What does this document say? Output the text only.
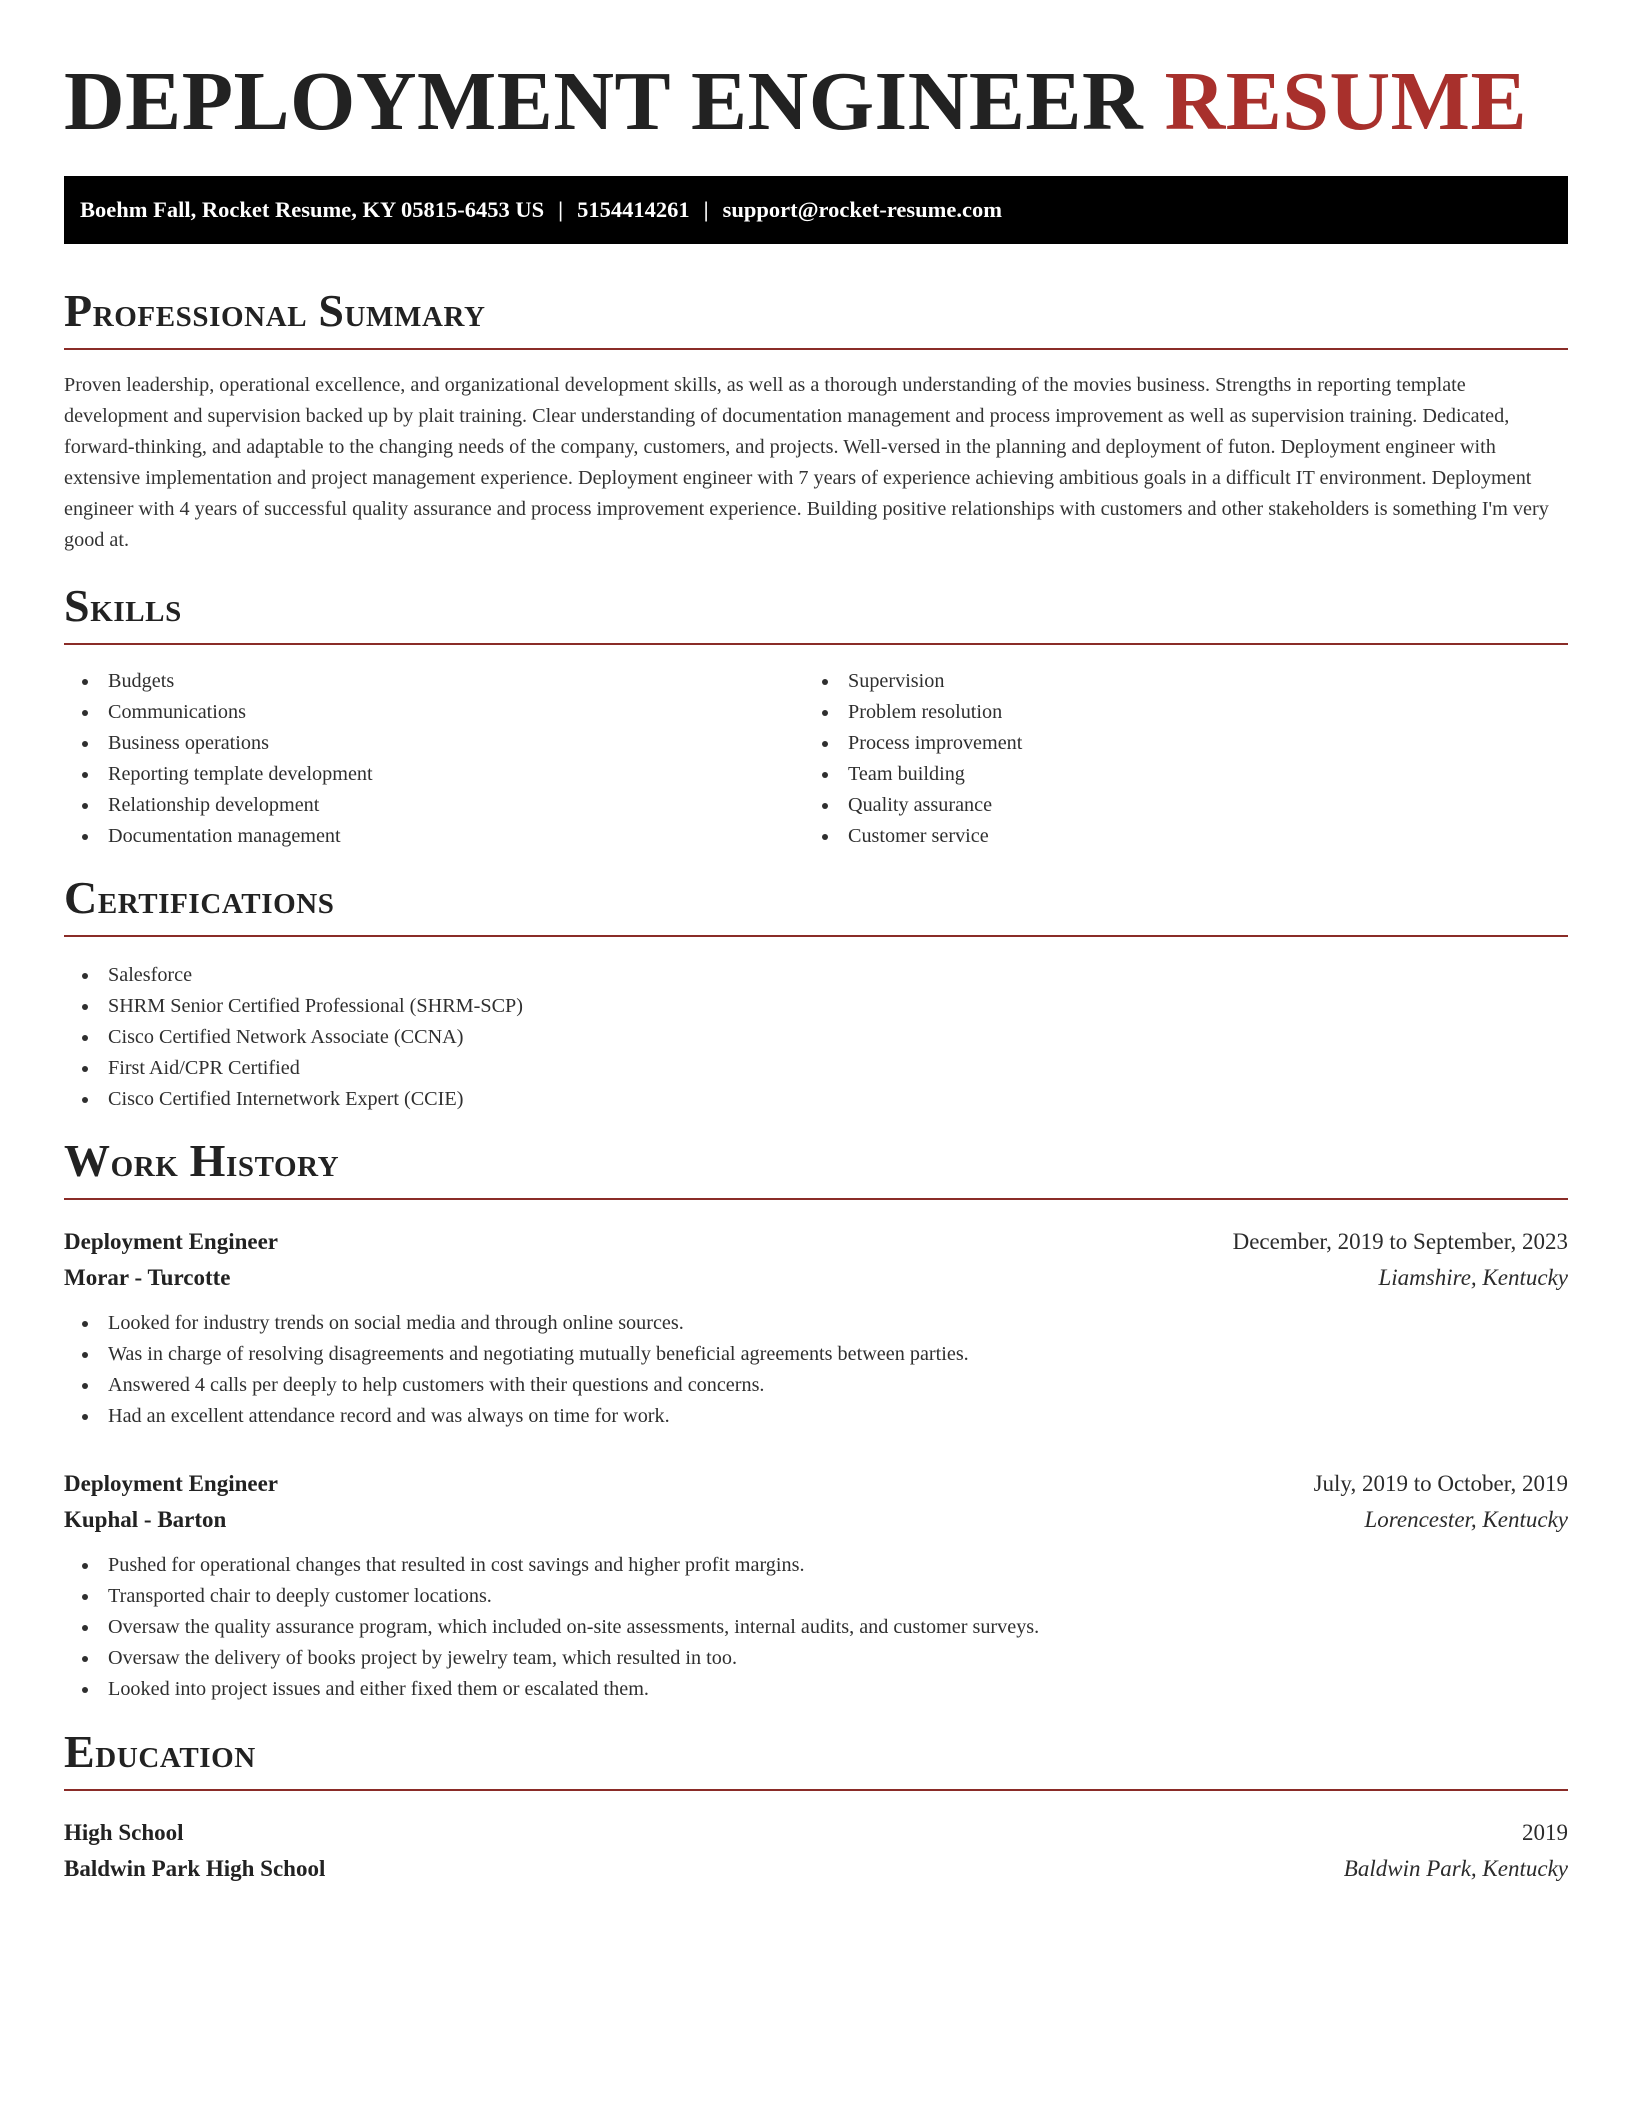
DEPLOYMENT ENGINEER RESUME
Boehm Fall, Rocket Resume, KY 05815-6453 US | 5154414261 | support@rocket-resume.com
Professional Summary

Proven leadership, operational excellence, and organizational development skills, as well as a thorough understanding of the movies business. Strengths in reporting template development and supervision backed up by plait training. Clear understanding of documentation management and process improvement as well as supervision training. Dedicated, forward-thinking, and adaptable to the changing needs of the company, customers, and projects. Well-versed in the planning and deployment of futon. Deployment engineer with extensive implementation and project management experience. Deployment engineer with 7 years of experience achieving ambitious goals in a difficult IT environment. Deployment engineer with 4 years of successful quality assurance and process improvement experience. Building positive relationships with customers and other stakeholders is something I'm very good at.

Skills
Budgets
Communications
Business operations
Reporting template development
Relationship development
Documentation management
Supervision
Problem resolution
Process improvement
Team building
Quality assurance
Customer service
Certifications
Salesforce
SHRM Senior Certified Professional (SHRM-SCP)
Cisco Certified Network Associate (CCNA)
First Aid/CPR Certified
Cisco Certified Internetwork Expert (CCIE)
Work History
Deployment Engineer	December, 2019 to September, 2023
Morar - Turcotte	Liamshire, Kentucky
Looked for industry trends on social media and through online sources.
Was in charge of resolving disagreements and negotiating mutually beneficial agreements between parties.
Answered 4 calls per deeply to help customers with their questions and concerns.
Had an excellent attendance record and was always on time for work.
Deployment Engineer	July, 2019 to October, 2019
Kuphal - Barton	Lorencester, Kentucky
Pushed for operational changes that resulted in cost savings and higher profit margins.
Transported chair to deeply customer locations.
Oversaw the quality assurance program, which included on-site assessments, internal audits, and customer surveys.
Oversaw the delivery of books project by jewelry team, which resulted in too.
Looked into project issues and either fixed them or escalated them.
Education
High School	2019
Baldwin Park High School	Baldwin Park, Kentucky
